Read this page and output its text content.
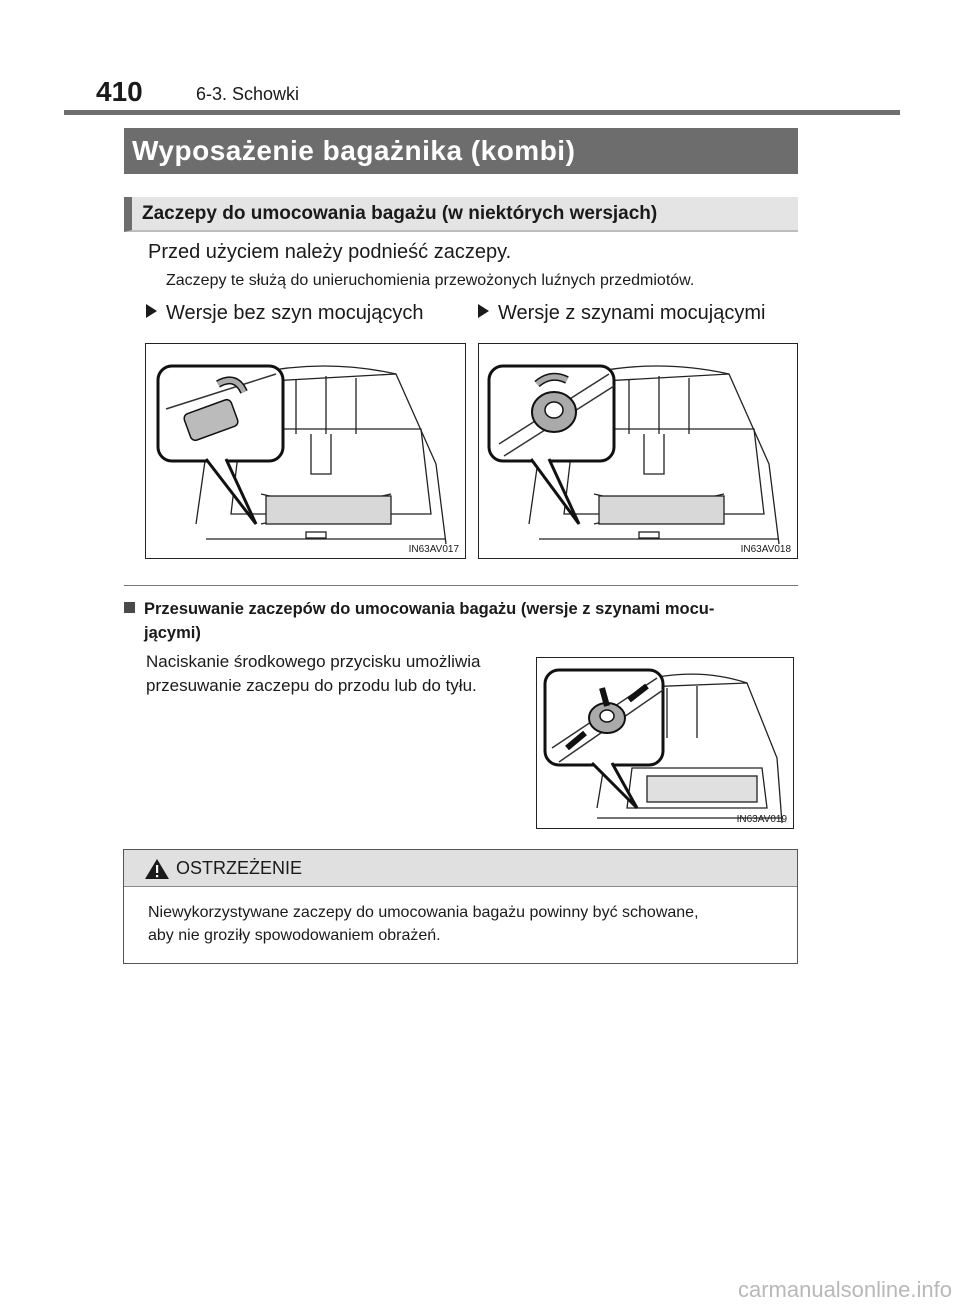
410	6-3. Schowki
Wyposażenie bagażnika (kombi)
Zaczepy do umocowania bagażu (w niektórych wersjach)
Przed użyciem należy podnieść zaczepy.
Zaczepy te służą do unieruchomienia przewożonych luźnych przedmiotów.
Wersje bez szyn mocujących	Wersje z szynami mocującymi
IN63AV017	IN63AV018
Przesuwanie zaczepów do umocowania bagażu (wersje z szynami mocu-
jącymi)
Naciskanie środkowego przycisku umożliwia
przesuwanie zaczepu do przodu lub do tyłu.
IN63AV019
OSTRZEŻENIE
Niewykorzystywane zaczepy do umocowania bagażu powinny być schowane,
aby nie groziły spowodowaniem obrażeń.
carmanualsonline.info
